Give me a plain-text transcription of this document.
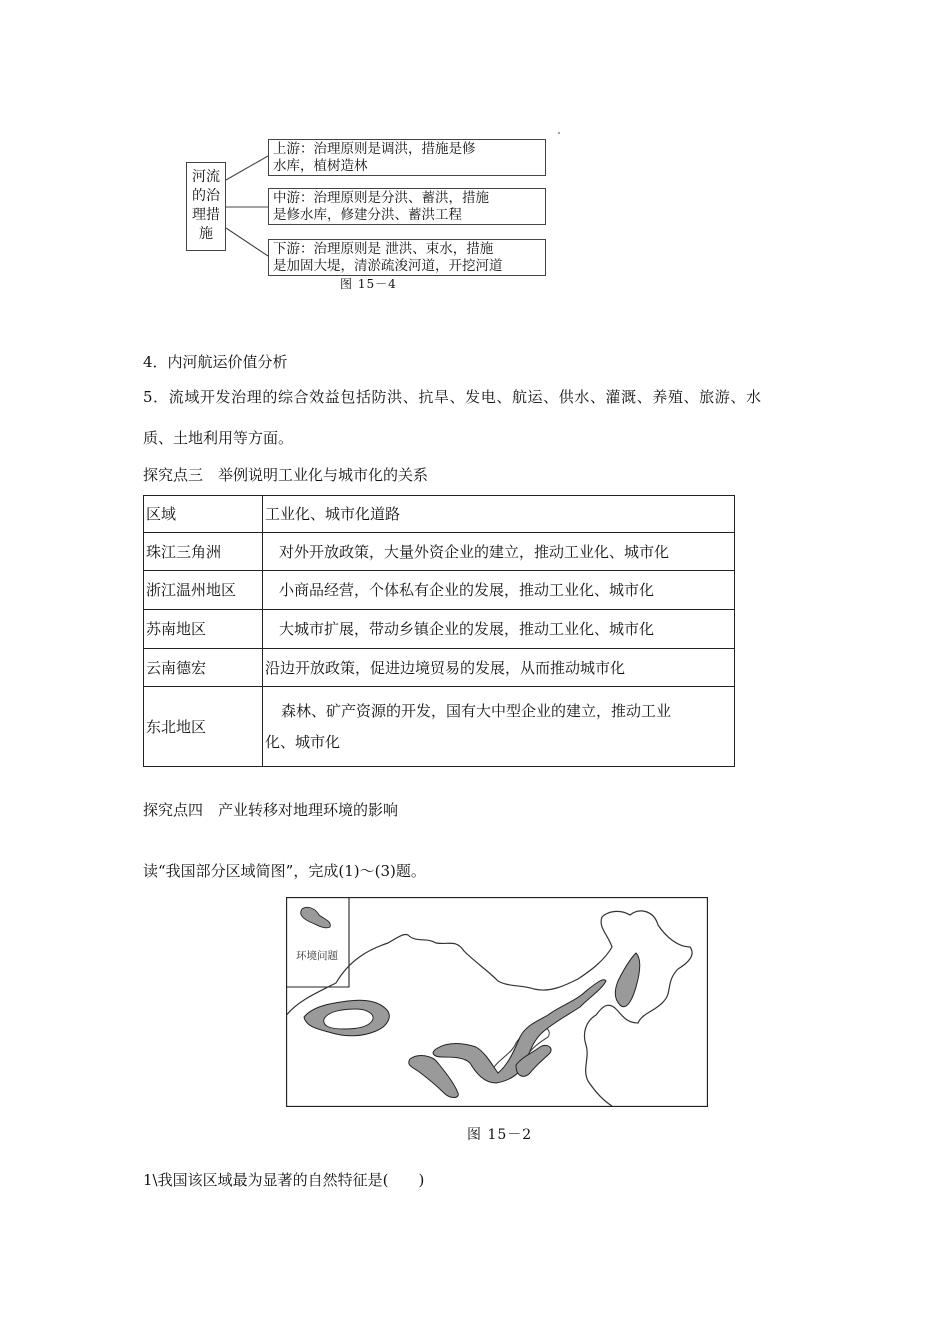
河流
的治
理措
施
上游：治理原则是调洪，措施是修
水库，植树造林
中游：治理原则是分洪、蓄洪，措施
是修水库，修建分洪、蓄洪工程
下游：治理原则是 泄洪、束水，措施
是加固大堤，清淤疏浚河道，开挖河道
图 15－4
4．内河航运价值分析
5．流域开发治理的综合效益包括防洪、抗旱、发电、航运、供水、灌溉、养殖、旅游、水
质、土地利用等方面。
探究点三　举例说明工业化与城市化的关系
区域	工业化、城市化道路
珠江三角洲	对外开放政策，大量外资企业的建立，推动工业化、城市化
浙江温州地区	小商品经营，个体私有企业的发展，推动工业化、城市化
苏南地区	大城市扩展，带动乡镇企业的发展，推动工业化、城市化
云南德宏	沿边开放政策，促进边境贸易的发展，从而推动城市化
东北地区	森林、矿产资源的开发，国有大中型企业的建立，推动工业
化、城市化
探究点四　产业转移对地理环境的影响
读“我国部分区域简图”，完成(1)～(3)题。
环境问题
图 15－2
1\我国该区域最为显著的自然特征是(　　)
